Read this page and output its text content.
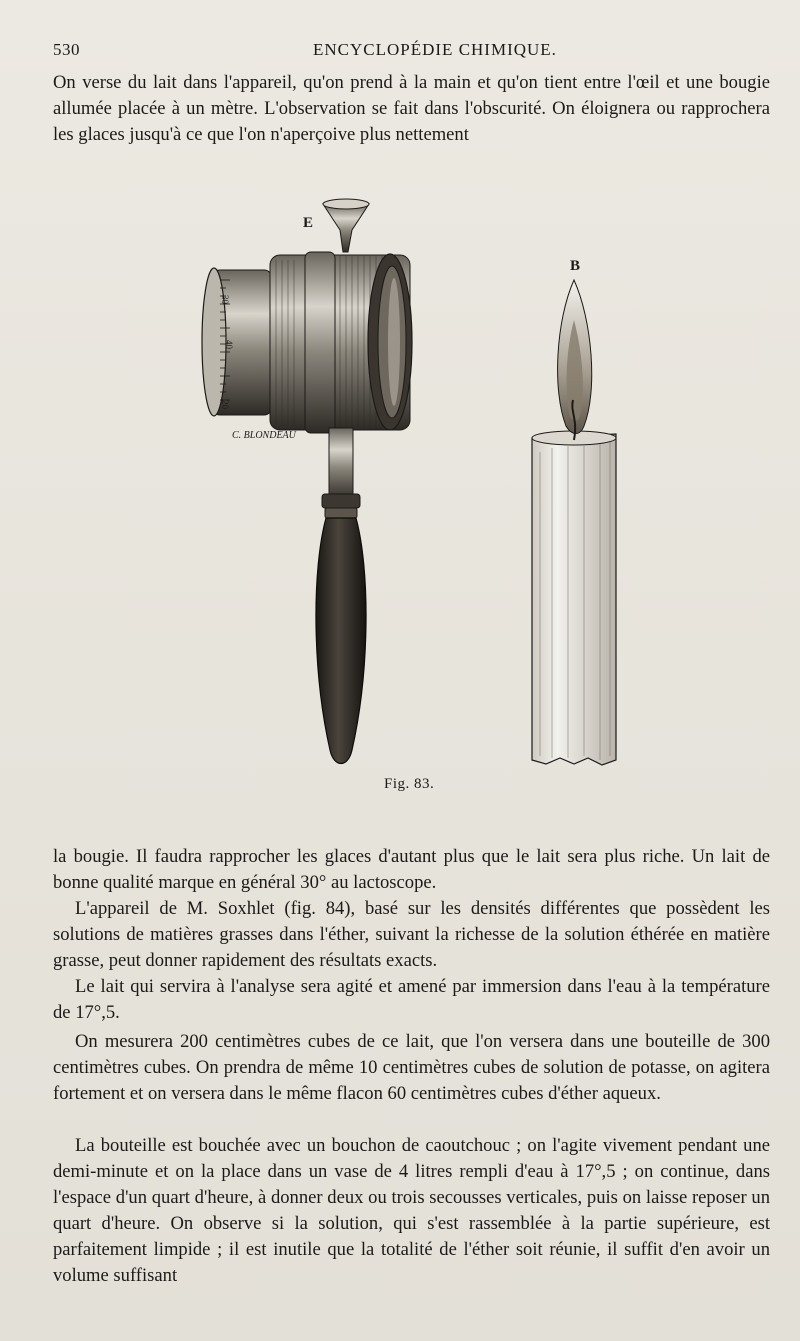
530	ENCYCLOPÉDIE CHIMIQUE.

On verse du lait dans l'appareil, qu'on prend à la main et qu'on tient entre l'œil et une bougie allumée placée à un mètre. L'observation se fait dans l'obscurité. On éloignera ou rapprochera les glaces jusqu'à ce que l'on n'aperçoive plus nettement

E
B
40
30
20
C. BLONDEAU
Fig. 83.

la bougie. Il faudra rapprocher les glaces d'autant plus que le lait sera plus riche. Un lait de bonne qualité marque en général 30° au lactoscope.

L'appareil de M. Soxhlet (fig. 84), basé sur les densités différentes que possèdent les solutions de matières grasses dans l'éther, suivant la richesse de la solution éthérée en matière grasse, peut donner rapidement des résultats exacts.

Le lait qui servira à l'analyse sera agité et amené par immersion dans l'eau à la température de 17°,5.

On mesurera 200 centimètres cubes de ce lait, que l'on versera dans une bouteille de 300 centimètres cubes. On prendra de même 10 centimètres cubes de solution de potasse, on agitera fortement et on versera dans le même flacon 60 centimètres cubes d'éther aqueux.

La bouteille est bouchée avec un bouchon de caoutchouc ; on l'agite vivement pendant une demi-minute et on la place dans un vase de 4 litres rempli d'eau à 17°,5 ; on continue, dans l'espace d'un quart d'heure, à donner deux ou trois secousses verticales, puis on laisse reposer un quart d'heure. On observe si la solution, qui s'est rassemblée à la partie supérieure, est parfaitement limpide ; il est inutile que la totalité de l'éther soit réunie, il suffit d'en avoir un volume suffisant
